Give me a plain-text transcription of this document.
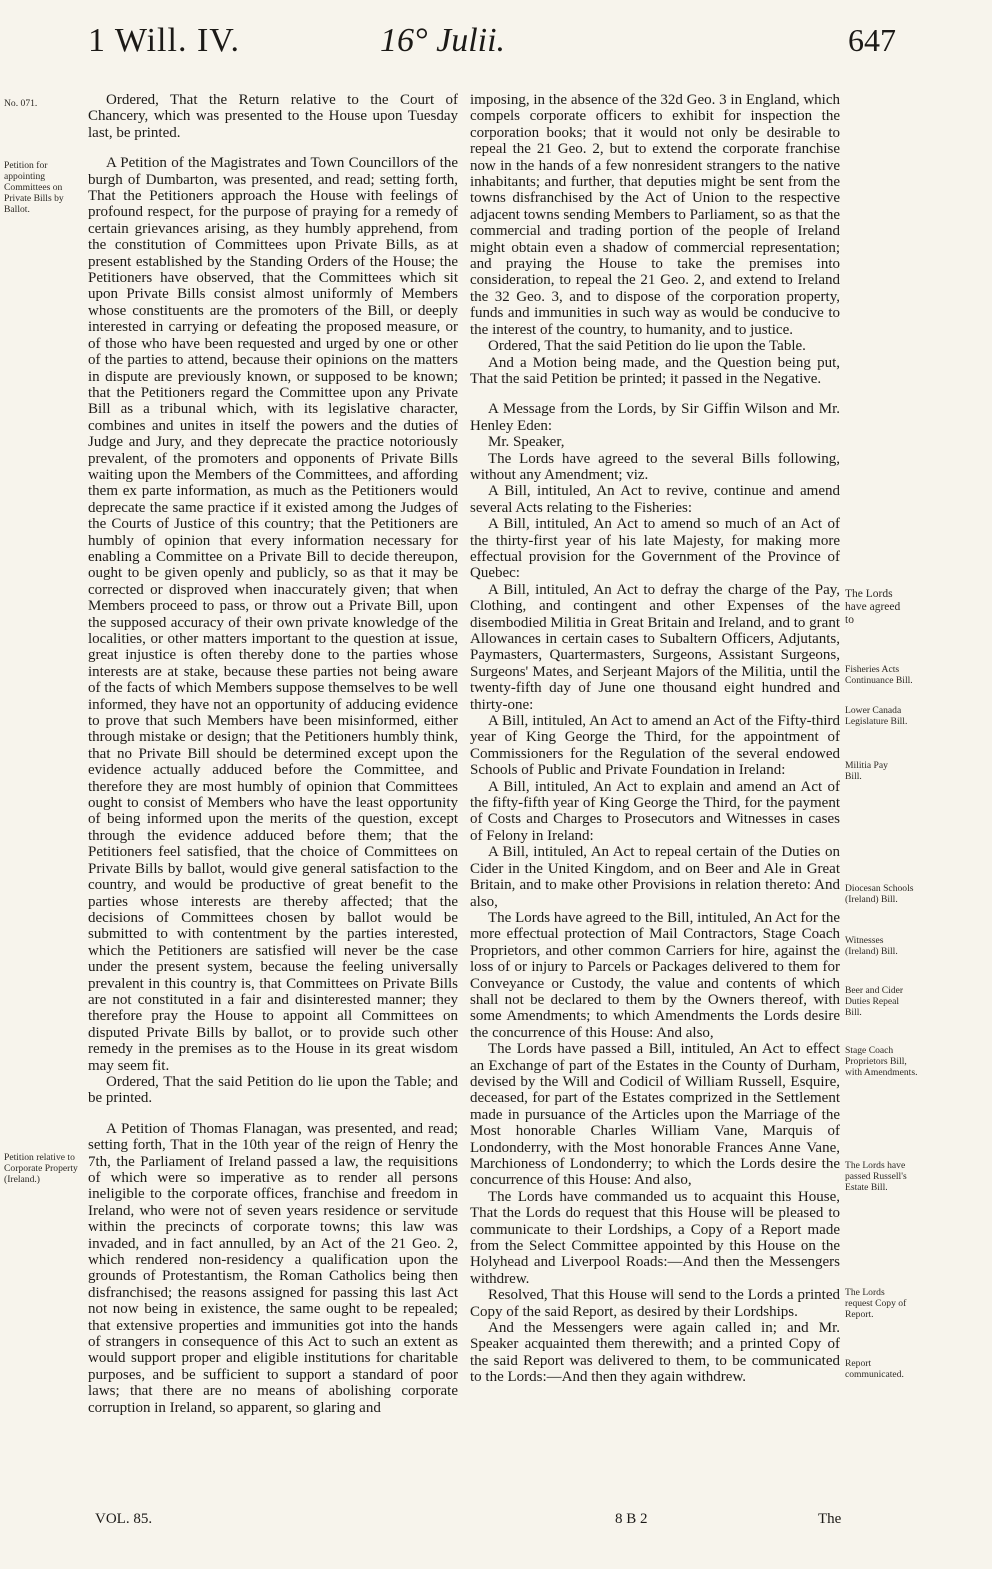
1 Will. IV.	16° Julii.	647
No. 071.
Petition for appointing Committees on Private Bills by Ballot.
Petition relative to Corporate Property (Ireland.)
The Lords have agreed to
Fisheries Acts Continuance Bill.
Lower Canada Legislature Bill.
Militia Pay Bill.
Diocesan Schools (Ireland) Bill.
Witnesses (Ireland) Bill.
Beer and Cider Duties Repeal Bill.
Stage Coach Proprietors Bill, with Amendments.
The Lords have passed Russell's Estate Bill.
The Lords request Copy of Report.
Report communicated.

Ordered, That the Return relative to the Court of Chancery, which was presented to the House upon Tuesday last, be printed.

A Petition of the Magistrates and Town Councillors of the burgh of Dumbarton, was presented, and read; setting forth, That the Petitioners approach the House with feelings of profound respect, for the purpose of praying for a remedy of certain grievances arising, as they humbly apprehend, from the constitution of Committees upon Private Bills, as at present established by the Standing Orders of the House; the Petitioners have observed, that the Committees which sit upon Private Bills consist almost uniformly of Members whose constituents are the promoters of the Bill, or deeply interested in carrying or defeating the proposed measure, or of those who have been requested and urged by one or other of the parties to attend, because their opinions on the matters in dispute are previously known, or supposed to be known; that the Petitioners regard the Committee upon any Private Bill as a tribunal which, with its legislative character, combines and unites in itself the powers and the duties of Judge and Jury, and they deprecate the practice notoriously prevalent, of the promoters and opponents of Private Bills waiting upon the Members of the Committees, and affording them ex parte information, as much as the Petitioners would deprecate the same practice if it existed among the Judges of the Courts of Justice of this country; that the Petitioners are humbly of opinion that every information necessary for enabling a Committee on a Private Bill to decide thereupon, ought to be given openly and publicly, so as that it may be corrected or disproved when inaccurately given; that when Members proceed to pass, or throw out a Private Bill, upon the supposed accuracy of their own private knowledge of the localities, or other matters important to the question at issue, great injustice is often thereby done to the parties whose interests are at stake, because these parties not being aware of the facts of which Members suppose themselves to be well informed, they have not an opportunity of adducing evidence to prove that such Members have been misinformed, either through mistake or design; that the Petitioners humbly think, that no Private Bill should be determined except upon the evidence actually adduced before the Committee, and therefore they are most humbly of opinion that Committees ought to consist of Members who have the least opportunity of being informed upon the merits of the question, except through the evidence adduced before them; that the Petitioners feel satisfied, that the choice of Committees on Private Bills by ballot, would give general satisfaction to the country, and would be productive of great benefit to the parties whose interests are thereby affected; that the decisions of Committees chosen by ballot would be submitted to with contentment by the parties interested, which the Petitioners are satisfied will never be the case under the present system, because the feeling universally prevalent in this country is, that Committees on Private Bills are not constituted in a fair and disinterested manner; they therefore pray the House to appoint all Committees on disputed Private Bills by ballot, or to provide such other remedy in the premises as to the House in its great wisdom may seem fit.

Ordered, That the said Petition do lie upon the Table; and be printed.

A Petition of Thomas Flanagan, was presented, and read; setting forth, That in the 10th year of the reign of Henry the 7th, the Parliament of Ireland passed a law, the requisitions of which were so imperative as to render all persons ineligible to the corporate offices, franchise and freedom in Ireland, who were not of seven years residence or servitude within the precincts of corporate towns; this law was invaded, and in fact annulled, by an Act of the 21 Geo. 2, which rendered non-residency a qualification upon the grounds of Protestantism, the Roman Catholics being then disfranchised; the reasons assigned for passing this last Act not now being in existence, the same ought to be repealed; that extensive properties and immunities got into the hands of strangers in consequence of this Act to such an extent as would support proper and eligible institutions for charitable purposes, and be sufficient to support a standard of poor laws; that there are no means of abolishing corporate corruption in Ireland, so apparent, so glaring and

imposing, in the absence of the 32d Geo. 3 in England, which compels corporate officers to exhibit for inspection the corporation books; that it would not only be desirable to repeal the 21 Geo. 2, but to extend the corporate franchise now in the hands of a few nonresident strangers to the native inhabitants; and further, that deputies might be sent from the towns disfranchised by the Act of Union to the respective adjacent towns sending Members to Parliament, so as that the commercial and trading portion of the people of Ireland might obtain even a shadow of commercial representation; and praying the House to take the premises into consideration, to repeal the 21 Geo. 2, and extend to Ireland the 32 Geo. 3, and to dispose of the corporation property, funds and immunities in such way as would be conducive to the interest of the country, to humanity, and to justice.

Ordered, That the said Petition do lie upon the Table.

And a Motion being made, and the Question being put, That the said Petition be printed; it passed in the Negative.

A Message from the Lords, by Sir Giffin Wilson and Mr. Henley Eden:

Mr. Speaker,

The Lords have agreed to the several Bills following, without any Amendment; viz.

A Bill, intituled, An Act to revive, continue and amend several Acts relating to the Fisheries:

A Bill, intituled, An Act to amend so much of an Act of the thirty-first year of his late Majesty, for making more effectual provision for the Government of the Province of Quebec:

A Bill, intituled, An Act to defray the charge of the Pay, Clothing, and contingent and other Expenses of the disembodied Militia in Great Britain and Ireland, and to grant Allowances in certain cases to Subaltern Officers, Adjutants, Paymasters, Quartermasters, Surgeons, Assistant Surgeons, Surgeons' Mates, and Serjeant Majors of the Militia, until the twenty-fifth day of June one thousand eight hundred and thirty-one:

A Bill, intituled, An Act to amend an Act of the Fifty-third year of King George the Third, for the appointment of Commissioners for the Regulation of the several endowed Schools of Public and Private Foundation in Ireland:

A Bill, intituled, An Act to explain and amend an Act of the fifty-fifth year of King George the Third, for the payment of Costs and Charges to Prosecutors and Witnesses in cases of Felony in Ireland:

A Bill, intituled, An Act to repeal certain of the Duties on Cider in the United Kingdom, and on Beer and Ale in Great Britain, and to make other Provisions in relation thereto: And also,

The Lords have agreed to the Bill, intituled, An Act for the more effectual protection of Mail Contractors, Stage Coach Proprietors, and other common Carriers for hire, against the loss of or injury to Parcels or Packages delivered to them for Conveyance or Custody, the value and contents of which shall not be declared to them by the Owners thereof, with some Amendments; to which Amendments the Lords desire the concurrence of this House: And also,

The Lords have passed a Bill, intituled, An Act to effect an Exchange of part of the Estates in the County of Durham, devised by the Will and Codicil of William Russell, Esquire, deceased, for part of the Estates comprized in the Settlement made in pursuance of the Articles upon the Marriage of the Most honorable Charles William Vane, Marquis of Londonderry, with the Most honorable Frances Anne Vane, Marchioness of Londonderry; to which the Lords desire the concurrence of this House: And also,

The Lords have commanded us to acquaint this House, That the Lords do request that this House will be pleased to communicate to their Lordships, a Copy of a Report made from the Select Committee appointed by this House on the Holyhead and Liverpool Roads:—And then the Messengers withdrew.

Resolved, That this House will send to the Lords a printed Copy of the said Report, as desired by their Lordships.

And the Messengers were again called in; and Mr. Speaker acquainted them therewith; and a printed Copy of the said Report was delivered to them, to be communicated to the Lords:—And then they again withdrew.

VOL. 85.	8 B 2	The
